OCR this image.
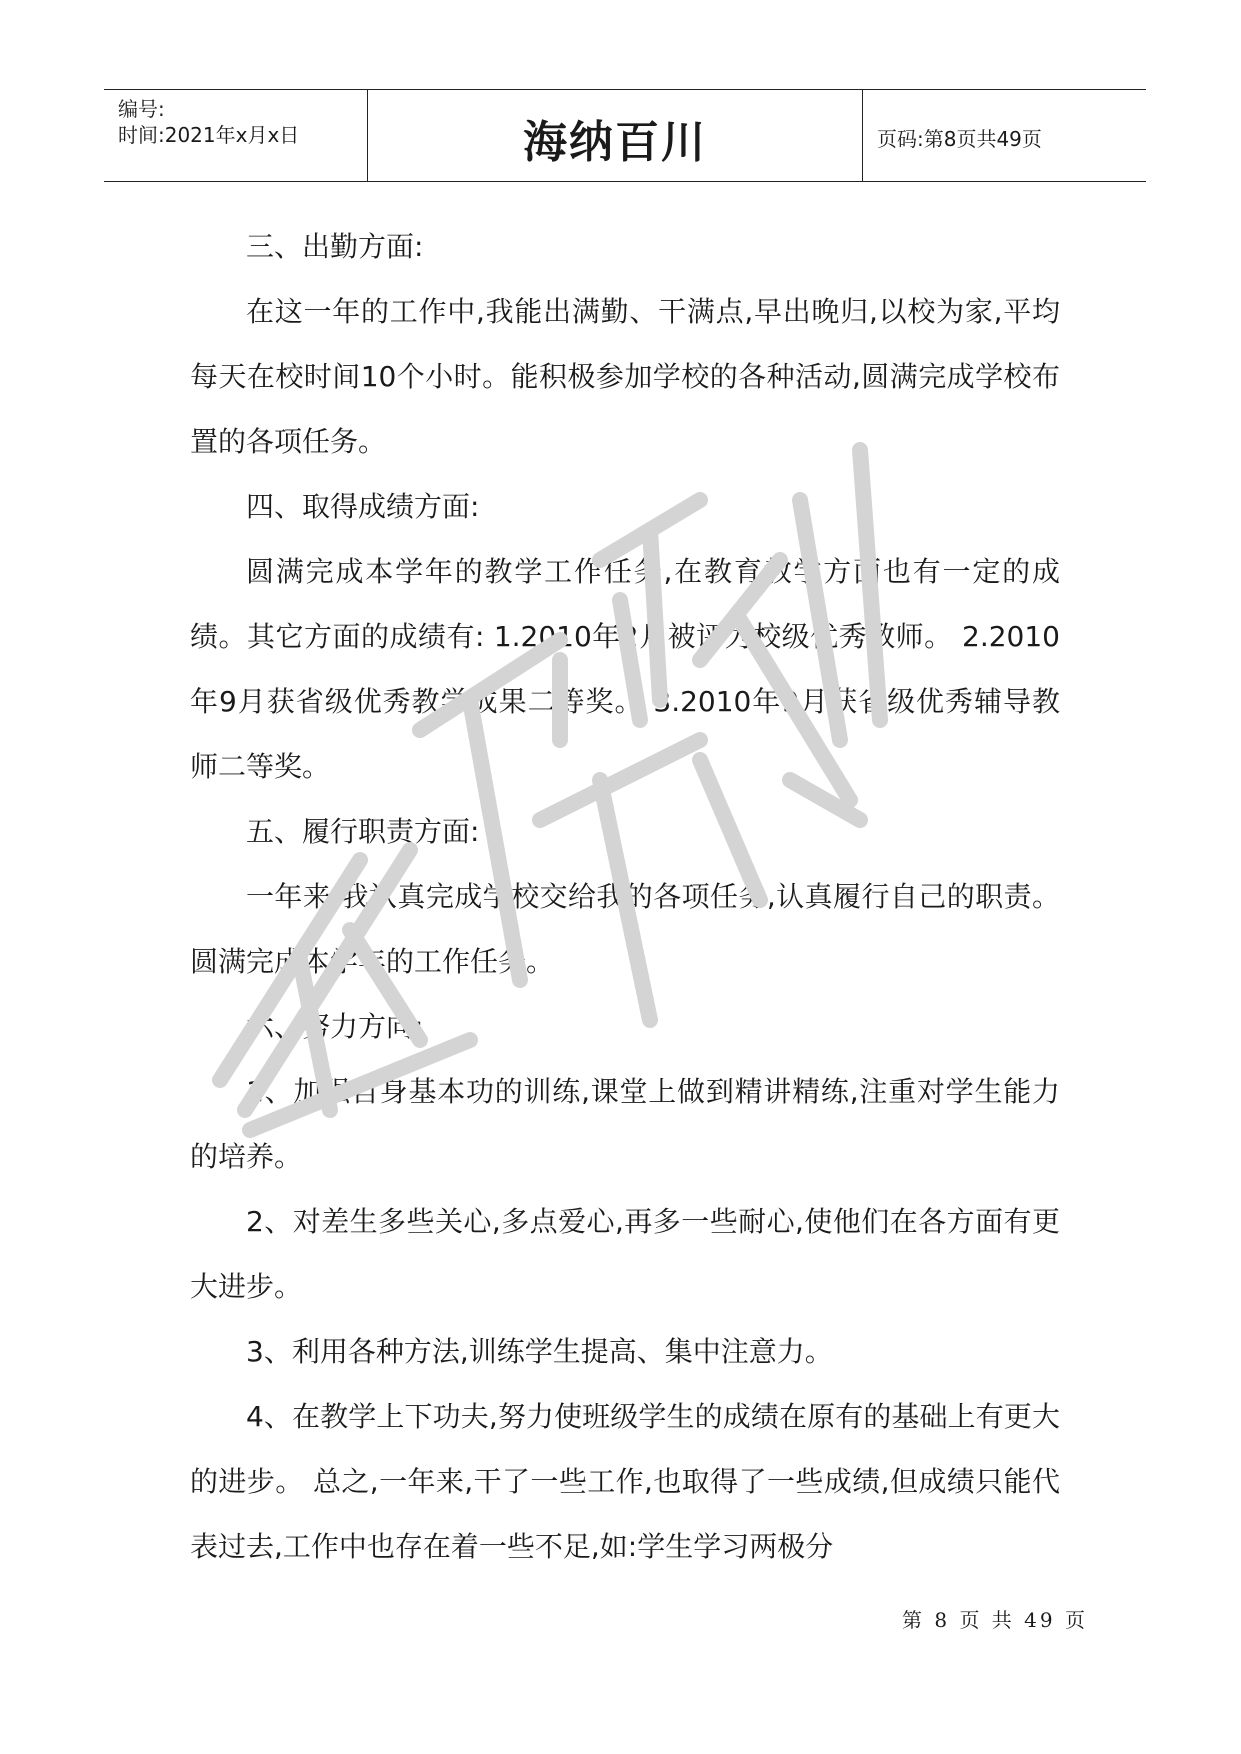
编号:
时间:2021年x月x日	海纳百川	页码:第8页共49页

三、出勤方面:

在这一年的工作中,我能出满勤、干满点,早出晚归,以校为家,平均每天在校时间10个小时。能积极参加学校的各种活动,圆满完成学校布置的各项任务。

四、取得成绩方面:

圆满完成本学年的教学工作任务,在教育教学方面也有一定的成绩。其它方面的成绩有: 1.2010年2月被评为校级优秀教师。 2.2010年9月获省级优秀教学成果二等奖。 3.2010年9月获省级优秀辅导教师二等奖。

五、履行职责方面:

一年来,我认真完成学校交给我的各项任务,认真履行自己的职责。圆满完成本学年的工作任务。

六、努力方向:

1、加强自身基本功的训练,课堂上做到精讲精练,注重对学生能力的培养。

2、对差生多些关心,多点爱心,再多一些耐心,使他们在各方面有更大进步。

3、利用各种方法,训练学生提高、集中注意力。

4、在教学上下功夫,努力使班级学生的成绩在原有的基础上有更大的进步。 总之,一年来,干了一些工作,也取得了一些成绩,但成绩只能代表过去,工作中也存在着一些不足,如:学生学习两极分

第 8 页 共 49 页
